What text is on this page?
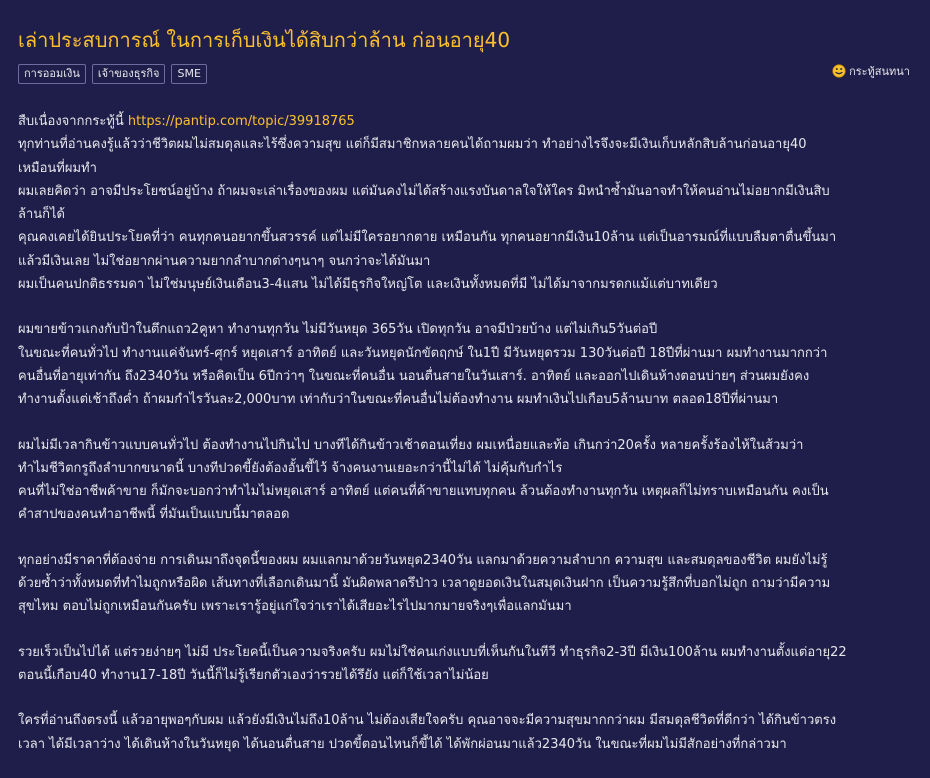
เล่าประสบการณ์ ในการเก็บเงินได้สิบกว่าล้าน ก่อนอายุ40
การออมเงิน	เจ้าของธุรกิจ	SME	กระทู้สนทนา
สืบเนื่องจากกระทู้นี้ https://pantip.com/topic/39918765
ทุกท่านที่อ่านคงรู้แล้วว่าชีวิตผมไม่สมดุลและไร้ซึ่งความสุข แต่ก็มีสมาชิกหลายคนได้ถามผมว่า ทำอย่างไรจึงจะมีเงินเก็บหลักสิบล้านก่อนอายุ40
เหมือนที่ผมทำ
ผมเลยคิดว่า อาจมีประโยชน์อยู่บ้าง ถ้าผมจะเล่าเรื่องของผม แต่มันคงไม่ได้สร้างแรงบันดาลใจให้ใคร มิหนำซ้ำมันอาจทำให้คนอ่านไม่อยากมีเงินสิบ
ล้านก็ได้
คุณคงเคยได้ยินประโยคที่ว่า คนทุกคนอยากขึ้นสวรรค์ แต่ไม่มีใครอยากตาย เหมือนกัน ทุกคนอยากมีเงิน10ล้าน แต่เป็นอารมณ์ที่แบบลืมตาตื่นขึ้นมา
แล้วมีเงินเลย ไม่ใช่อยากผ่านความยากลำบากต่างๆนาๆ จนกว่าจะได้มันมา
ผมเป็นคนปกติธรรมดา ไม่ใช่มนุษย์เงินเดือน3-4แสน ไม่ได้มีธุรกิจใหญ่โต และเงินทั้งหมดที่มี ไม่ได้มาจากมรดกแม้แต่บาทเดียว
ผมขายข้าวแกงกับป้าในตึกแถว2คูหา ทำงานทุกวัน ไม่มีวันหยุด 365วัน เปิดทุกวัน อาจมีป่วยบ้าง แต่ไม่เกิน5วันต่อปี
ในขณะที่คนทั่วไป ทำงานแค่จันทร์-ศุกร์ หยุดเสาร์ อาทิตย์ และวันหยุดนักขัตฤกษ์ ใน1ปี มีวันหยุดรวม 130วันต่อปี 18ปีที่ผ่านมา ผมทำงานมากกว่า
คนอื่นที่อายุเท่ากัน ถึง2340วัน หรือคิดเป็น 6ปีกว่าๆ ในขณะที่คนอื่น นอนตื่นสายในวันเสาร์. อาทิตย์ และออกไปเดินห้างตอนบ่ายๆ ส่วนผมยังคง
ทำงานตั้งแต่เช้าถึงค่ำ ถ้าผมกำไรวันละ2,000บาท เท่ากับว่าในขณะที่คนอื่นไม่ต้องทำงาน ผมทำเงินไปเกือบ5ล้านบาท ตลอด18ปีที่ผ่านมา
ผมไม่มีเวลากินข้าวแบบคนทั่วไป ต้องทำงานไปกินไป บางทีได้กินข้าวเช้าตอนเที่ยง ผมเหนื่อยและท้อ เกินกว่า20ครั้ง หลายครั้งร้องไห้ในส้วมว่า
ทำไมชีวิตกรูถึงลำบากขนาดนี้ บางทีปวดขี้ยังต้องอั้นขี้ไว้ จ้างคนงานเยอะกว่านี้ไม่ได้ ไม่คุ้มกับกำไร
คนที่ไม่ใช่อาชีพค้าขาย ก็มักจะบอกว่าทำไมไม่หยุดเสาร์ อาทิตย์ แต่คนที่ค้าขายแทบทุกคน ล้วนต้องทำงานทุกวัน เหตุผลก็ไม่ทราบเหมือนกัน คงเป็น
คำสาปของคนทำอาชีพนี้ ที่มันเป็นแบบนี้มาตลอด
ทุกอย่างมีราคาที่ต้องจ่าย การเดินมาถึงจุดนี้ของผม ผมแลกมาด้วยวันหยุด2340วัน แลกมาด้วยความลำบาก ความสุข และสมดุลของชีวิต ผมยังไม่รู้
ด้วยซ้ำว่าทั้งหมดที่ทำไมถูกหรือผิด เส้นทางที่เลือกเดินมานี้ มันผิดพลาดรึป่าว เวลาดูยอดเงินในสมุดเงินฝาก เป็นความรู้สึกที่บอกไม่ถูก ถามว่ามีความ
สุขไหม ตอบไม่ถูกเหมือนกันครับ เพราะเรารู้อยู่แก่ใจว่าเราได้เสียอะไรไปมากมายจริงๆเพื่อแลกมันมา
รวยเร็วเป็นไปได้ แต่รวยง่ายๆ ไม่มี ประโยคนี้เป็นความจริงครับ ผมไม่ใช่คนเก่งแบบที่เห็นกันในทีวี ทำธุรกิจ2-3ปี มีเงิน100ล้าน ผมทำงานตั้งแต่อายุ22
ตอนนี้เกือบ40 ทำงาน17-18ปี วันนี้ก็ไม่รู้เรียกตัวเองว่ารวยได้รึยัง แต่ก็ใช้เวลาไม่น้อย
ใครที่อ่านถึงตรงนี้ แล้วอายุพอๆกับผม แล้วยังมีเงินไม่ถึง10ล้าน ไม่ต้องเสียใจครับ คุณอาจจะมีความสุขมากกว่าผม มีสมดุลชีวิตที่ดีกว่า ได้กินข้าวตรง
เวลา ได้มีเวลาว่าง ได้เดินห้างในวันหยุด ได้นอนตื่นสาย ปวดขี้ตอนไหนก็ขี้ได้ ได้พักผ่อนมาแล้ว2340วัน ในขณะที่ผมไม่มีสักอย่างที่กล่าวมา
